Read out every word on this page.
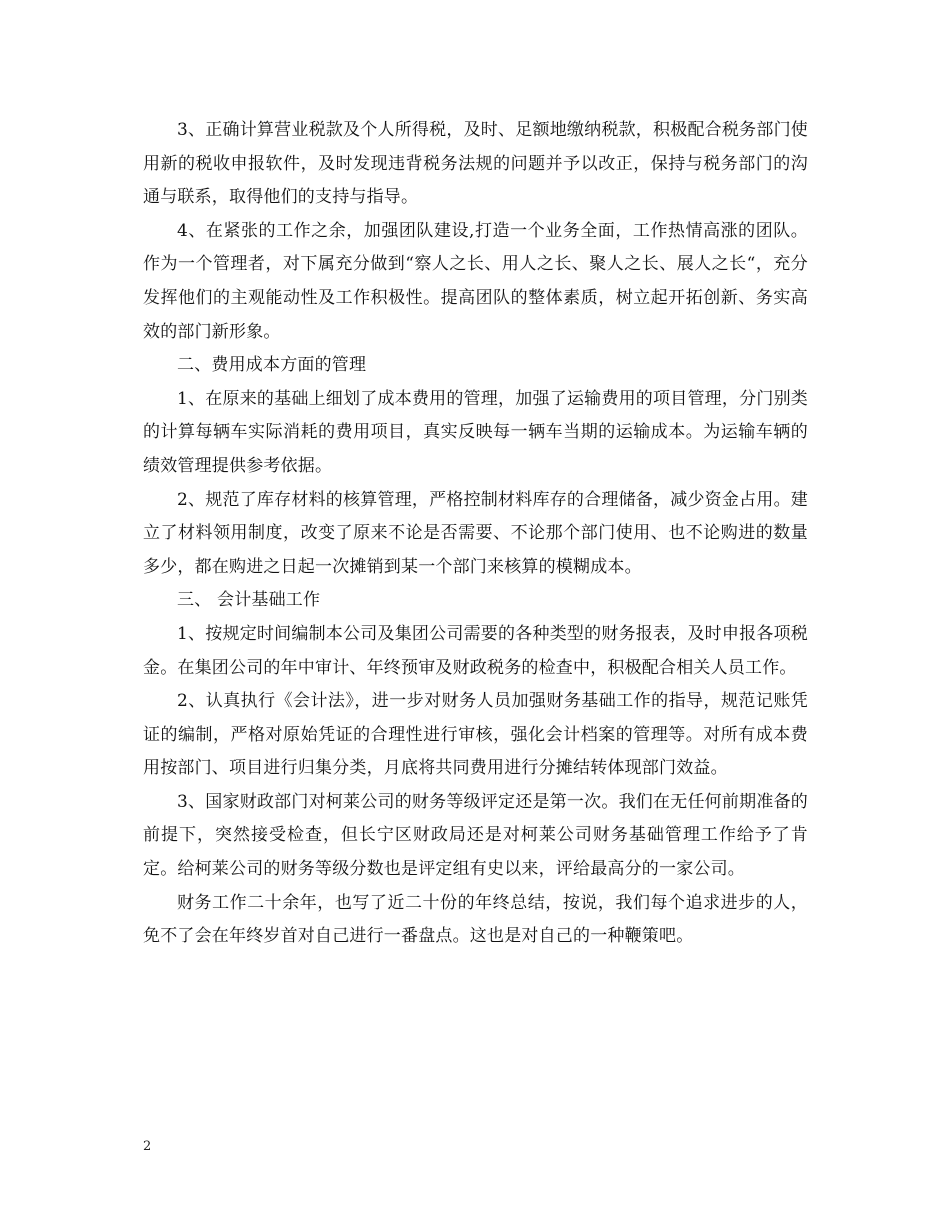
3、正确计算营业税款及个人所得税，及时、足额地缴纳税款，积极配合税务部门使用新的税收申报软件，及时发现违背税务法规的问题并予以改正，保持与税务部门的沟通与联系，取得他们的支持与指导。

4、在紧张的工作之余，加强团队建设,打造一个业务全面，工作热情高涨的团队。作为一个管理者，对下属充分做到“察人之长、用人之长、聚人之长、展人之长“，充分发挥他们的主观能动性及工作积极性。提高团队的整体素质，树立起开拓创新、务实高效的部门新形象。

二、费用成本方面的管理

1、在原来的基础上细划了成本费用的管理，加强了运输费用的项目管理，分门别类的计算每辆车实际消耗的费用项目，真实反映每一辆车当期的运输成本。为运输车辆的绩效管理提供参考依据。

2、规范了库存材料的核算管理，严格控制材料库存的合理储备，减少资金占用。建立了材料领用制度，改变了原来不论是否需要、不论那个部门使用、也不论购进的数量多少，都在购进之日起一次摊销到某一个部门来核算的模糊成本。

三、 会计基础工作

1、按规定时间编制本公司及集团公司需要的各种类型的财务报表，及时申报各项税金。在集团公司的年中审计、年终预审及财政税务的检查中，积极配合相关人员工作。

2、认真执行《会计法》，进一步对财务人员加强财务基础工作的指导，规范记账凭证的编制，严格对原始凭证的合理性进行审核，强化会计档案的管理等。对所有成本费用按部门、项目进行归集分类，月底将共同费用进行分摊结转体现部门效益。

3、国家财政部门对柯莱公司的财务等级评定还是第一次。我们在无任何前期准备的前提下，突然接受检查，但长宁区财政局还是对柯莱公司财务基础管理工作给予了肯定。给柯莱公司的财务等级分数也是评定组有史以来，评给最高分的一家公司。

财务工作二十余年，也写了近二十份的年终总结，按说，我们每个追求进步的人，免不了会在年终岁首对自己进行一番盘点。这也是对自己的一种鞭策吧。

2
